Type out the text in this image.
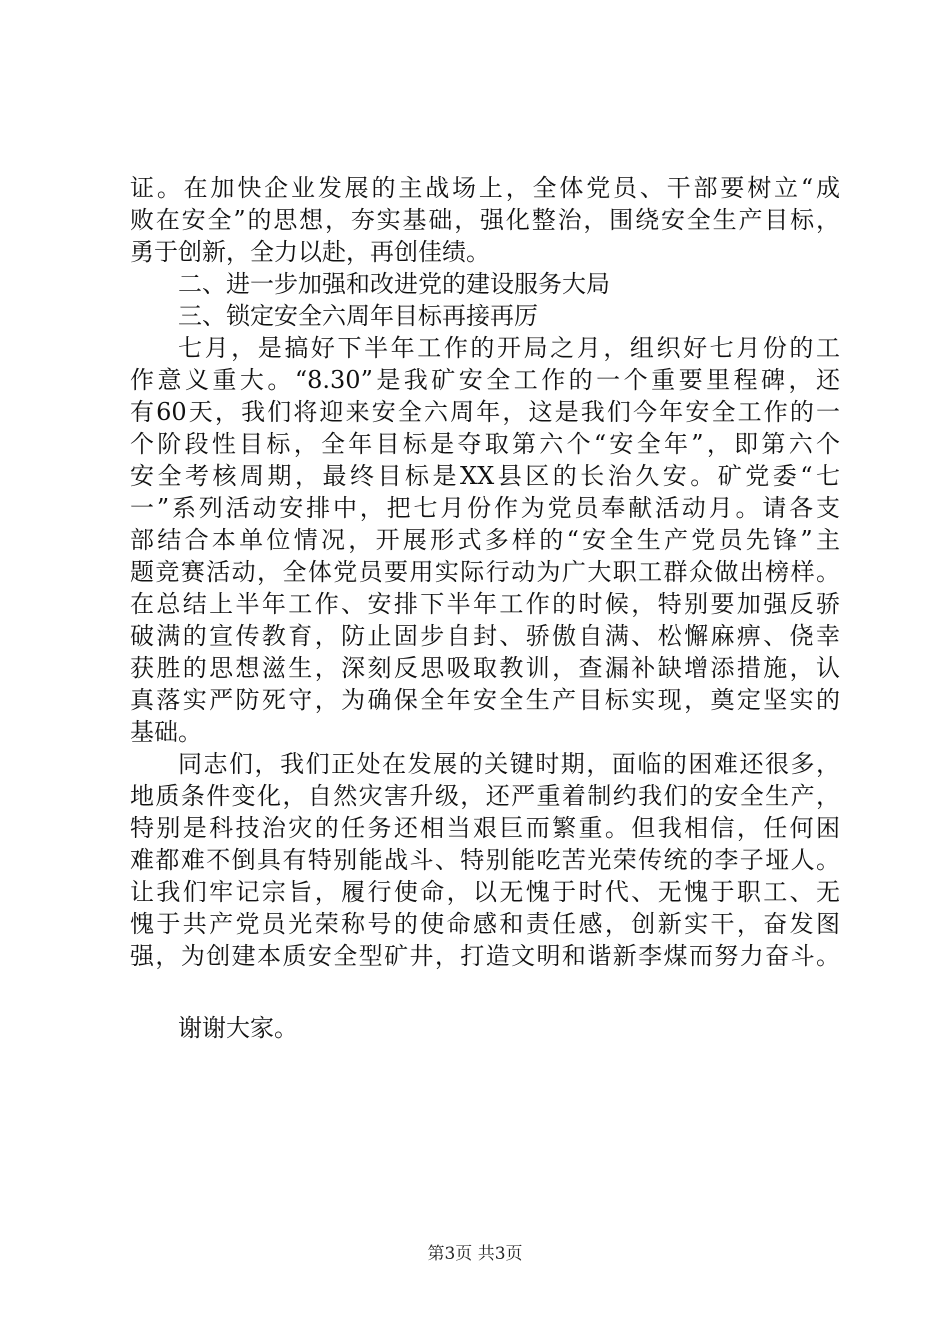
证。在加快企业发展的主战场上，全体党员、干部要树立“成
败在安全”的思想，夯实基础，强化整治，围绕安全生产目标，
勇于创新，全力以赴，再创佳绩。
二、进一步加强和改进党的建设服务大局
三、锁定安全六周年目标再接再厉
七月，是搞好下半年工作的开局之月，组织好七月份的工
作意义重大。“8.30”是我矿安全工作的一个重要里程碑，还
有60天，我们将迎来安全六周年，这是我们今年安全工作的一
个阶段性目标，全年目标是夺取第六个“安全年”，即第六个
安全考核周期，最终目标是XX县区的长治久安。矿党委“七
一”系列活动安排中，把七月份作为党员奉献活动月。请各支
部结合本单位情况，开展形式多样的“安全生产党员先锋”主
题竞赛活动，全体党员要用实际行动为广大职工群众做出榜样。
在总结上半年工作、安排下半年工作的时候，特别要加强反骄
破满的宣传教育，防止固步自封、骄傲自满、松懈麻痹、侥幸
获胜的思想滋生，深刻反思吸取教训，查漏补缺增添措施，认
真落实严防死守，为确保全年安全生产目标实现，奠定坚实的
基础。
同志们，我们正处在发展的关键时期，面临的困难还很多，
地质条件变化，自然灾害升级，还严重着制约我们的安全生产，
特别是科技治灾的任务还相当艰巨而繁重。但我相信，任何困
难都难不倒具有特别能战斗、特别能吃苦光荣传统的李子垭人。
让我们牢记宗旨，履行使命，以无愧于时代、无愧于职工、无
愧于共产党员光荣称号的使命感和责任感，创新实干，奋发图
强，为创建本质安全型矿井，打造文明和谐新李煤而努力奋斗。
谢谢大家。
第3页 共3页
